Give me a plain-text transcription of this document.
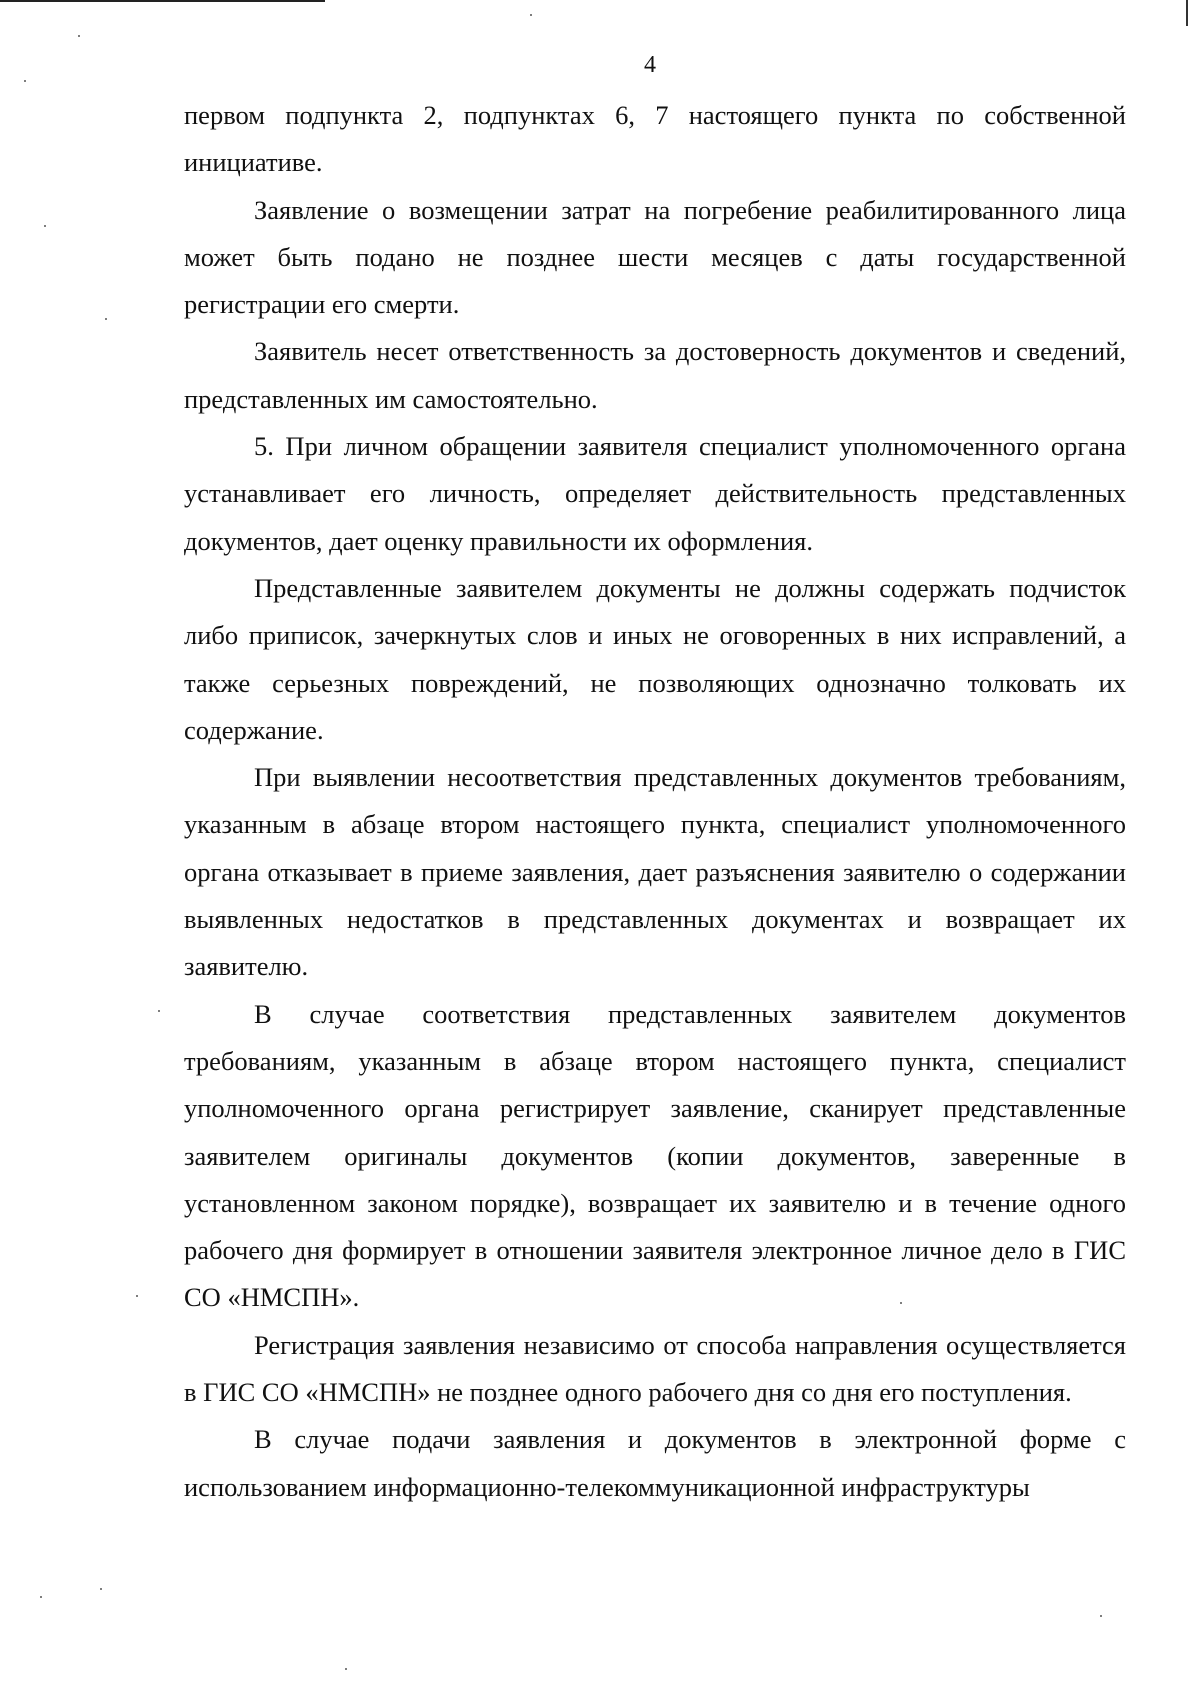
4

первом подпункта 2, подпунктах 6, 7 настоящего пункта по собственной инициативе.

Заявление о возмещении затрат на погребение реабилитированного лица может быть подано не позднее шести месяцев с даты государственной регистрации его смерти.

Заявитель несет ответственность за достоверность документов и сведений, представленных им самостоятельно.

5. При личном обращении заявителя специалист уполномоченного органа устанавливает его личность, определяет действительность представленных документов, дает оценку правильности их оформления.

Представленные заявителем документы не должны содержать подчисток либо приписок, зачеркнутых слов и иных не оговоренных в них исправлений, а также серьезных повреждений, не позволяющих однозначно толковать их содержание.

При выявлении несоответствия представленных документов требованиям, указанным в абзаце втором настоящего пункта, специалист уполномоченного органа отказывает в приеме заявления, дает разъяснения заявителю о содержании выявленных недостатков в представленных документах и возвращает их заявителю.

В случае соответствия представленных заявителем документов требованиям, указанным в абзаце втором настоящего пункта, специалист уполномоченного органа регистрирует заявление, сканирует представленные заявителем оригиналы документов (копии документов, заверенные в установленном законом порядке), возвращает их заявителю и в течение одного рабочего дня формирует в отношении заявителя электронное личное дело в ГИС СО «НМСПН».

Регистрация заявления независимо от способа направления осуществляется в ГИС СО «НМСПН» не позднее одного рабочего дня со дня его поступления.

В случае подачи заявления и документов в электронной форме с использованием информационно-телекоммуникационной инфраструктуры
